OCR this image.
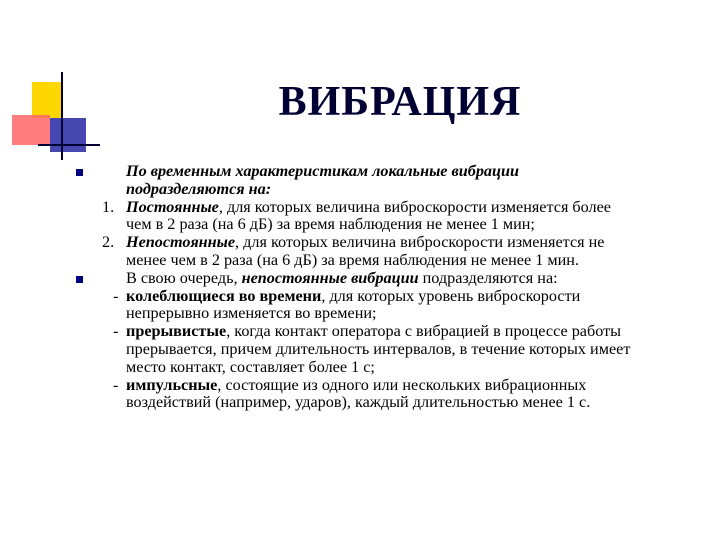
ВИБРАЦИЯ
По временным характеристикам локальные вибрации
подразделяются на:
1. Постоянные, для которых величина виброскорости изменяется более
чем в 2 раза (на 6 дБ) за время наблюдения не менее 1 мин;
2. Непостоянные, для которых величина виброскорости изменяется не
менее чем в 2 раза (на 6 дБ) за время наблюдения не менее 1 мин.
В свою очередь, непостоянные вибрации подразделяются на:
- колеблющиеся во времени, для которых уровень виброскорости
непрерывно изменяется во времени;
- прерывистые, когда контакт оператора с вибрацией в процессе работы
прерывается, причем длительность интервалов, в течение которых имеет
место контакт, составляет более 1 с;
- импульсные, состоящие из одного или нескольких вибрационных
воздействий (например, ударов), каждый длительностью менее 1 с.
